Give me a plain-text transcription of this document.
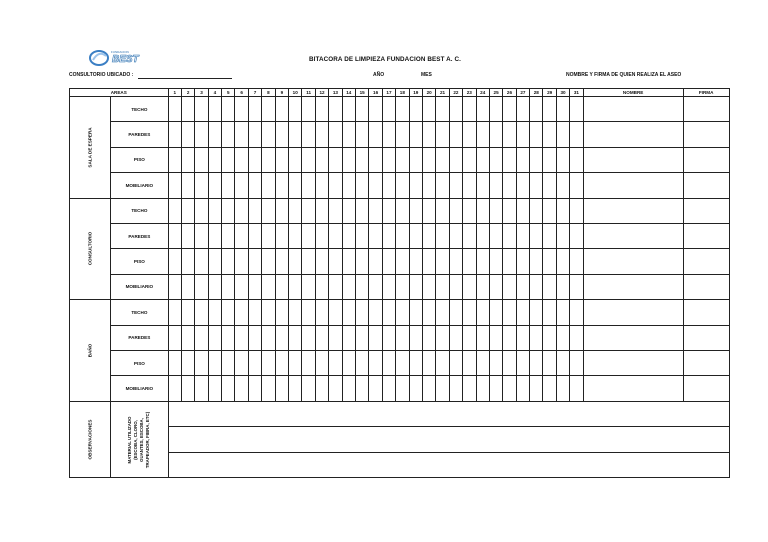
BEST
FUNDACION
BITACORA DE LIMPIEZA FUNDACION BEST A. C.
CONSULTORIO UBICADO :	AÑO	MES	NOMBRE Y FIRMA DE QUIEN REALIZA EL ASEO
AREAS		1	2	3	4	5	6	7	8	9	10	11	12	13	14	15	16	17	18	19	20	21	22	23	24	25	26	27	28	29	30	31	NOMBRE	FIRMA
SALA DE ESPERA	TECHO																																	
	PAREDES																																	
	PISO																																	
	MOBILIARIO																																	
CONSULTORIO	TECHO																																	
	PAREDES																																	
	PISO																																	
	MOBILIARIO																																	
BAÑO	TECHO																																	
	PAREDES																																	
	PISO																																	
	MOBILIARIO																																	
OBSERVACIONES	MATERIAL UTILIZADO
(ESCOBA, CLORO,
GUANTES, ESCOBA,
TRAPEADOR, FIBRA, ETC)																																	
